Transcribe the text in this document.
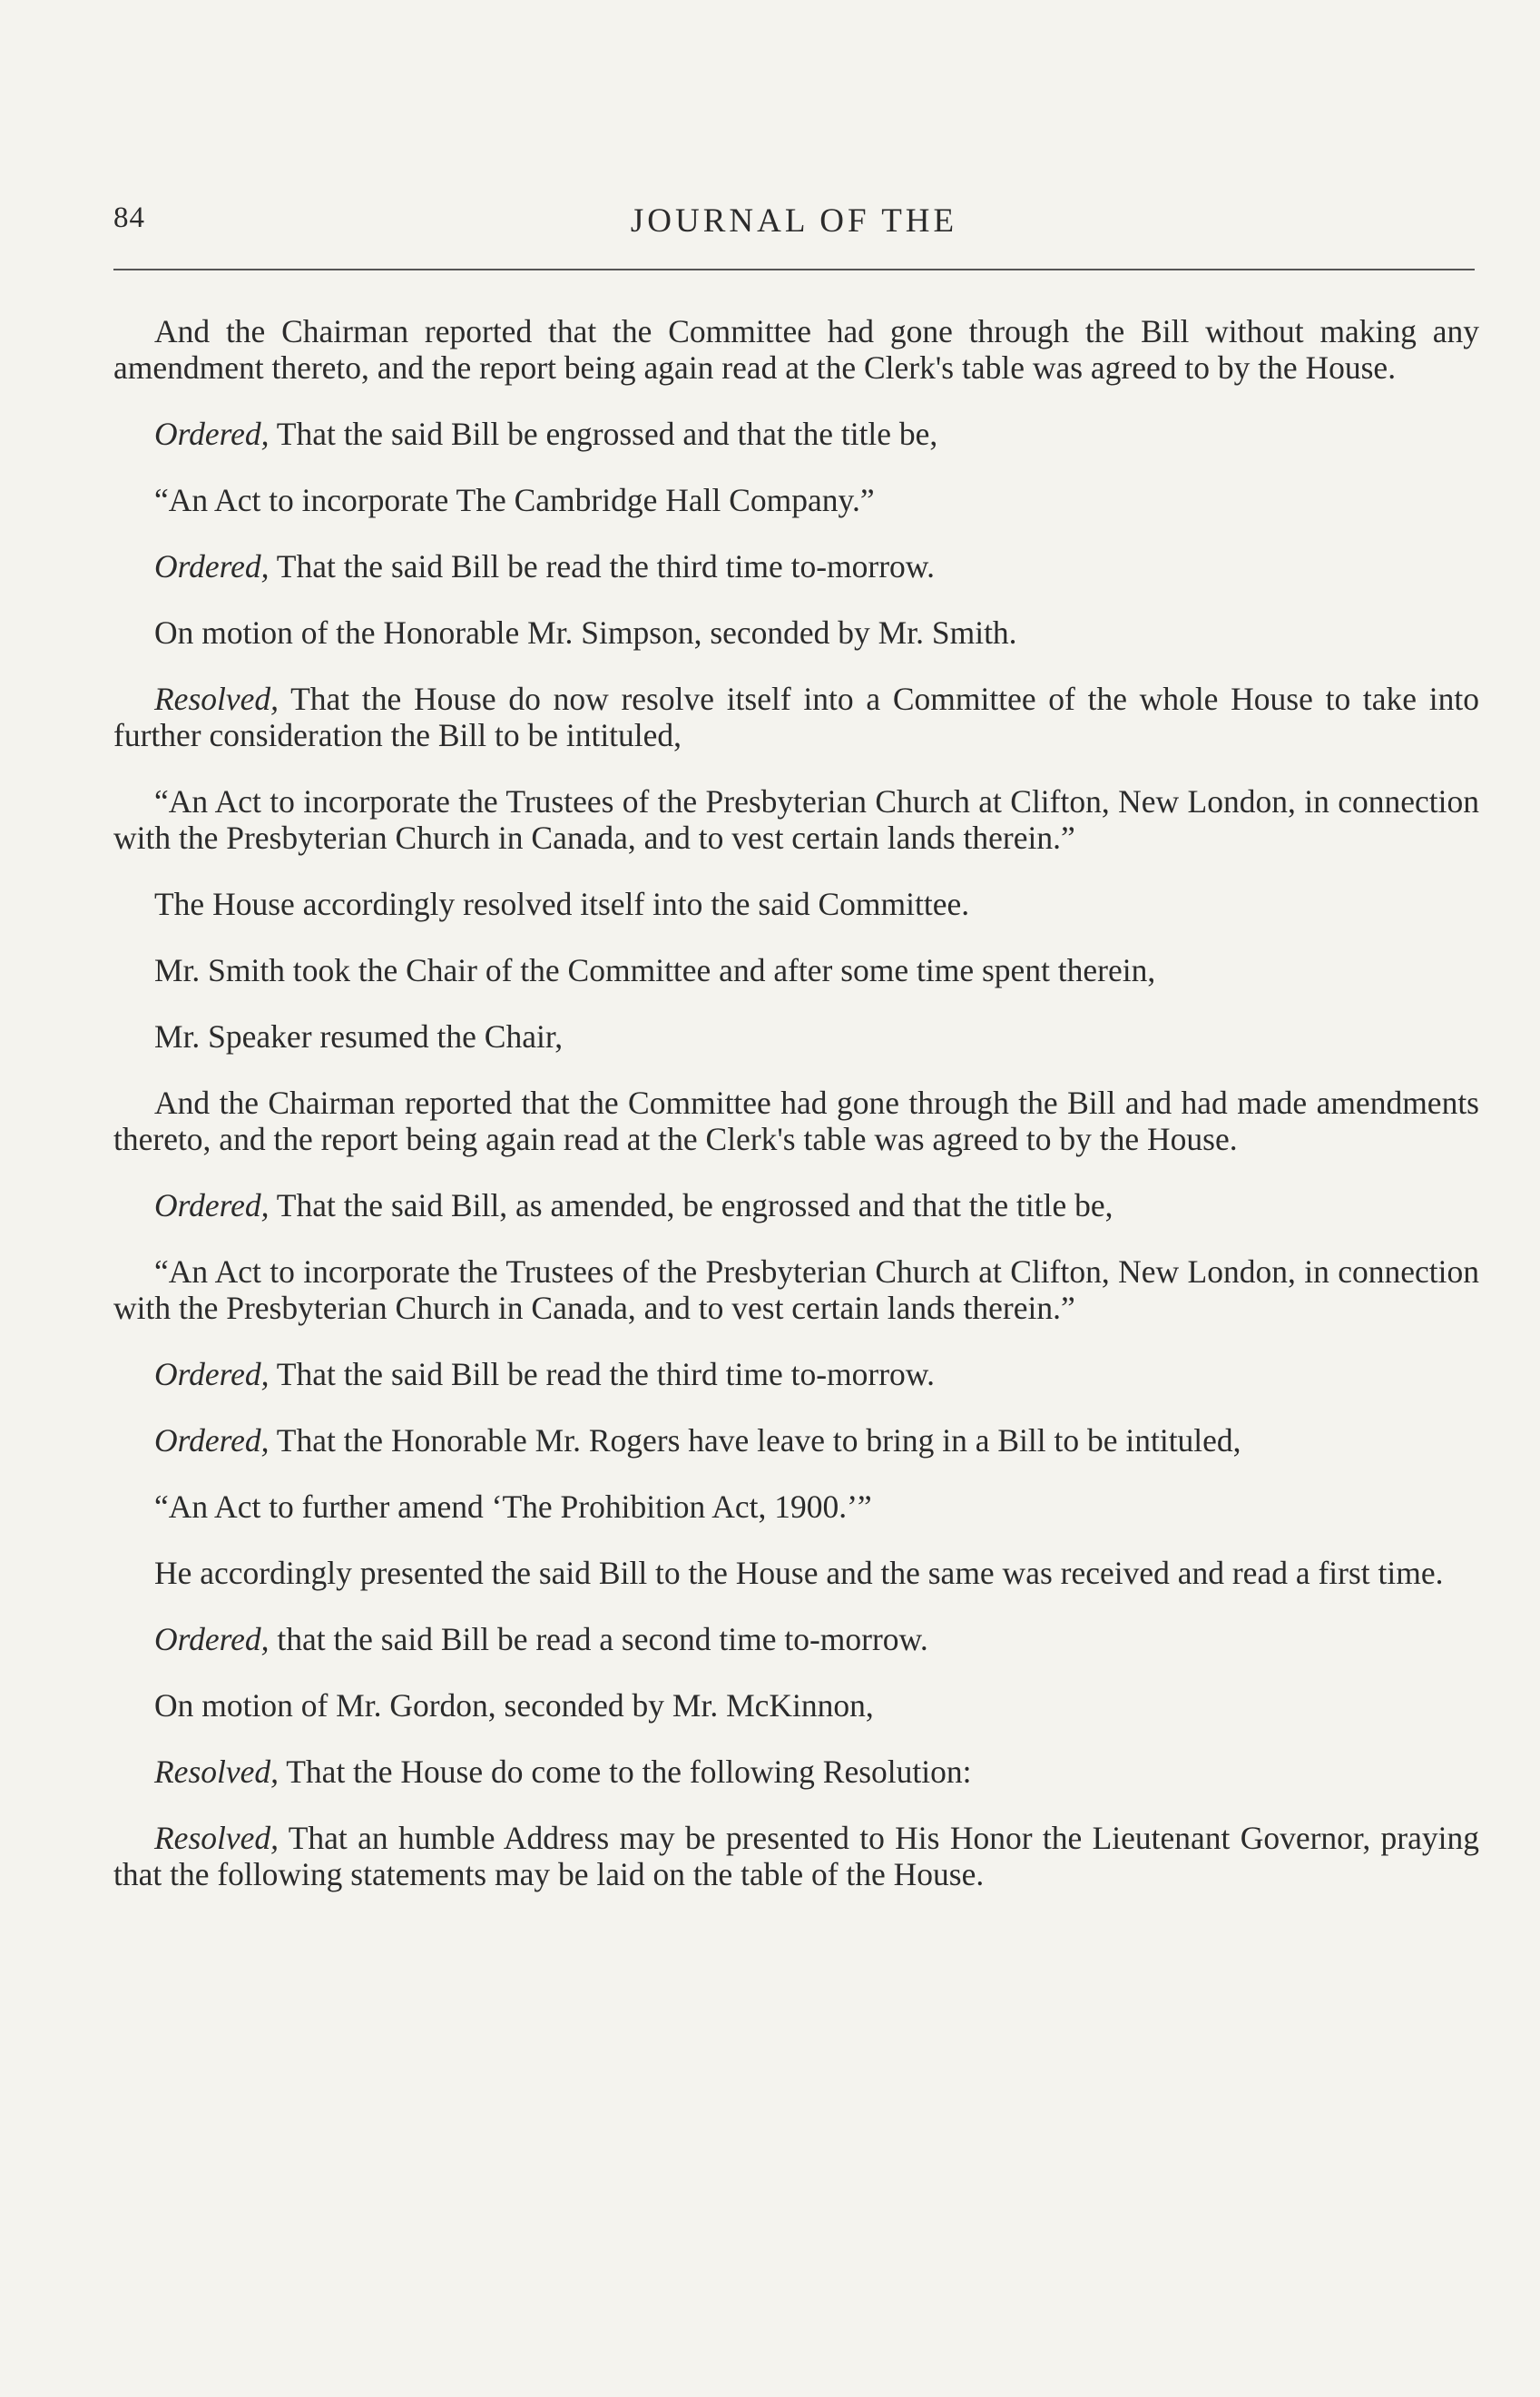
84	JOURNAL OF THE

And the Chairman reported that the Committee had gone through the Bill without making any amendment thereto, and the report being again read at the Clerk's table was agreed to by the House.

Ordered, That the said Bill be engrossed and that the title be,

“An Act to incorporate The Cambridge Hall Company.”

Ordered, That the said Bill be read the third time to-morrow.

On motion of the Honorable Mr. Simpson, seconded by Mr. Smith.

Resolved, That the House do now resolve itself into a Committee of the whole House to take into further consideration the Bill to be intituled,

“An Act to incorporate the Trustees of the Presbyterian Church at Clifton, New London, in connection with the Presbyterian Church in Canada, and to vest certain lands therein.”

The House accordingly resolved itself into the said Committee.

Mr. Smith took the Chair of the Committee and after some time spent therein,

Mr. Speaker resumed the Chair,

And the Chairman reported that the Committee had gone through the Bill and had made amendments thereto, and the report being again read at the Clerk's table was agreed to by the House.

Ordered, That the said Bill, as amended, be engrossed and that the title be,

“An Act to incorporate the Trustees of the Presbyterian Church at Clifton, New London, in connection with the Presbyterian Church in Canada, and to vest certain lands therein.”

Ordered, That the said Bill be read the third time to-morrow.

Ordered, That the Honorable Mr. Rogers have leave to bring in a Bill to be intituled,

“An Act to further amend ‘The Prohibition Act, 1900.’”

He accordingly presented the said Bill to the House and the same was received and read a first time.

Ordered, that the said Bill be read a second time to-morrow.

On motion of Mr. Gordon, seconded by Mr. McKinnon,

Resolved, That the House do come to the following Resolution:

Resolved, That an humble Address may be presented to His Honor the Lieutenant Governor, praying that the following statements may be laid on the table of the House.
